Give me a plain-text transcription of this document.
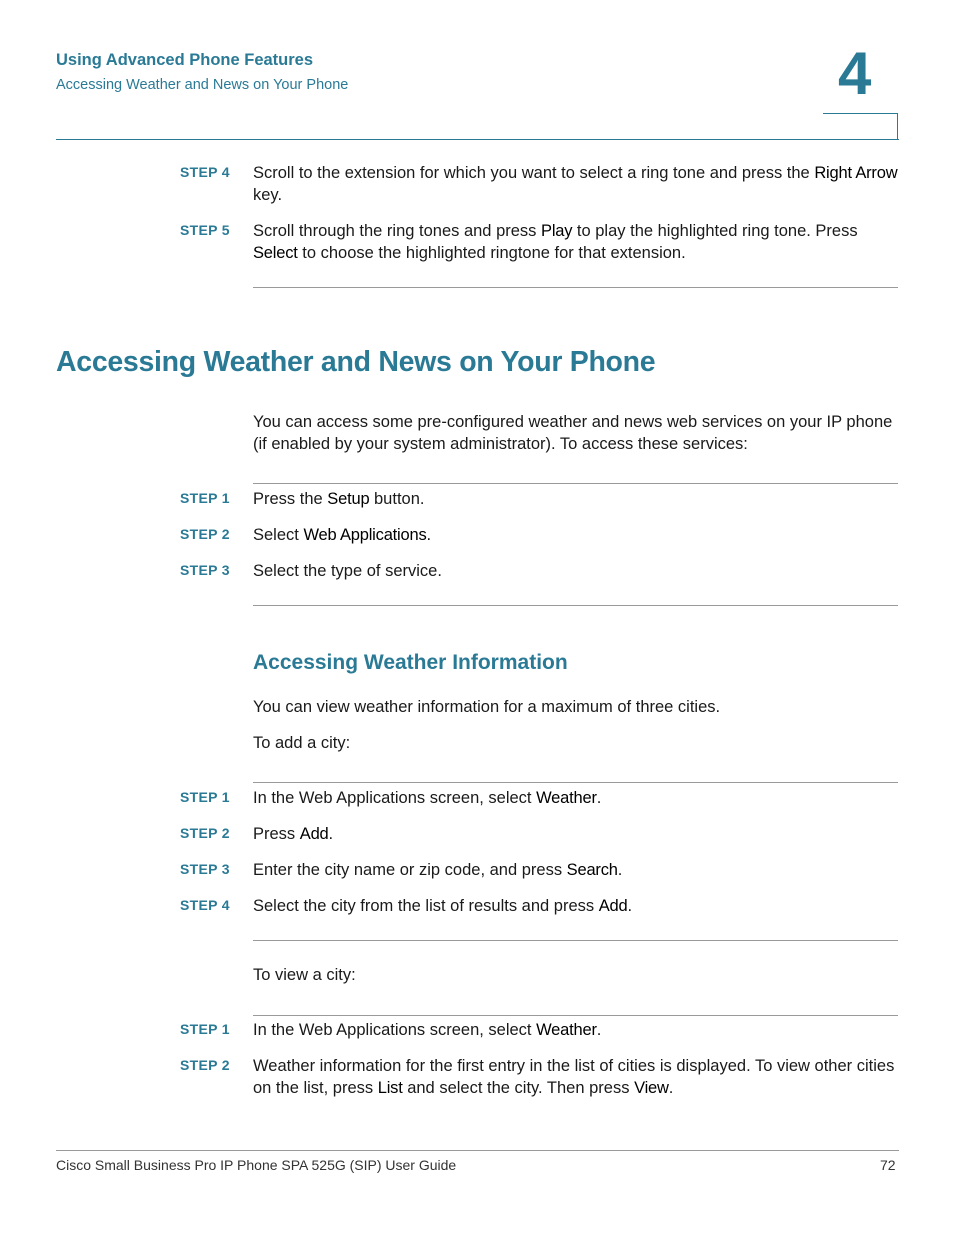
Using Advanced Phone Features
Accessing Weather and News on Your Phone	4
STEP 4	Scroll to the extension for which you want to select a ring tone and press the Right Arrow key.
STEP 5	Scroll through the ring tones and press Play to play the highlighted ring tone. Press Select to choose the highlighted ringtone for that extension.
Accessing Weather and News on Your Phone
You can access some pre-configured weather and news web services on your IP phone (if enabled by your system administrator). To access these services:
STEP 1	Press the Setup button.
STEP 2	Select Web Applications.
STEP 3	Select the type of service.
Accessing Weather Information
You can view weather information for a maximum of three cities.
To add a city:
STEP 1	In the Web Applications screen, select Weather.
STEP 2	Press Add.
STEP 3	Enter the city name or zip code, and press Search.
STEP 4	Select the city from the list of results and press Add.
To view a city:
STEP 1	In the Web Applications screen, select Weather.
STEP 2	Weather information for the first entry in the list of cities is displayed. To view other cities on the list, press List and select the city. Then press View.
Cisco Small Business Pro IP Phone SPA 525G (SIP) User Guide	72
